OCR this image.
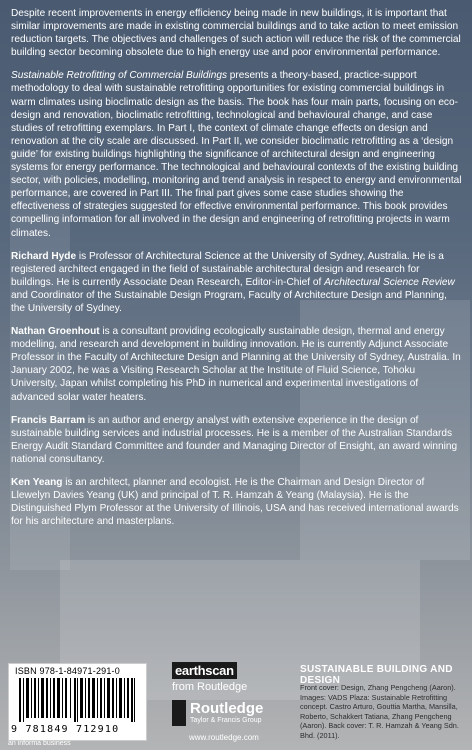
Despite recent improvements in energy efficiency being made in new buildings, it is important that similar improvements are made in existing commercial buildings and to take action to meet emission reduction targets. The objectives and challenges of such action will reduce the risk of the commercial building sector becoming obsolete due to high energy use and poor environmental performance.

Sustainable Retrofitting of Commercial Buildings presents a theory-based, practice-support methodology to deal with sustainable retrofitting opportunities for existing commercial buildings in warm climates using bioclimatic design as the basis. The book has four main parts, focusing on eco-design and renovation, bioclimatic retrofitting, technological and behavioural change, and case studies of retrofitting exemplars. In Part I, the context of climate change effects on design and renovation at the city scale are discussed. In Part II, we consider bioclimatic retrofitting as a ‘design guide’ for existing buildings highlighting the significance of architectural design and engineering systems for energy performance. The technological and behavioural contexts of the existing building sector, with policies, modelling, monitoring and trend analysis in respect to energy and environmental performance, are covered in Part III. The final part gives some case studies showing the effectiveness of strategies suggested for effective environmental performance. This book provides compelling information for all involved in the design and engineering of retrofitting projects in warm climates.

Richard Hyde is Professor of Architectural Science at the University of Sydney, Australia. He is a registered architect engaged in the field of sustainable architectural design and research for buildings. He is currently Associate Dean Research, Editor-in-Chief of Architectural Science Review and Coordinator of the Sustainable Design Program, Faculty of Architecture Design and Planning, the University of Sydney.

Nathan Groenhout is a consultant providing ecologically sustainable design, thermal and energy modelling, and research and development in building innovation. He is currently Adjunct Associate Professor in the Faculty of Architecture Design and Planning at the University of Sydney, Australia. In January 2002, he was a Visiting Research Scholar at the Institute of Fluid Science, Tohoku University, Japan whilst completing his PhD in numerical and experimental investigations of advanced solar water heaters.

Francis Barram is an author and energy analyst with extensive experience in the design of sustainable building services and industrial processes. He is a member of the Australian Standards Energy Audit Standard Committee and founder and Managing Director of Ensight, an award winning national consultancy.

Ken Yeang is an architect, planner and ecologist. He is the Chairman and Design Director of Llewelyn Davies Yeang (UK) and principal of T. R. Hamzah & Yeang (Malaysia). He is the Distinguished Plym Professor at the University of Illinois, USA and has received international awards for his architecture and masterplans.

ISBN 978-1-84971-291-0
9 781849 712910
an informa business
earthscan
from Routledge
Routledge
Taylor & Francis Group
www.routledge.com
SUSTAINABLE BUILDING AND DESIGN
Front cover: Design, Zhang Pengcheng (Aaron). Images: VADS Plaza: Sustainable Retrofitting concept. Castro Arturo, Gouttia Martha, Mansilla, Roberto, Schakkert Tatiana, Zhang Pengcheng (Aaron). Back cover: T. R. Hamzah & Yeang Sdn. Bhd. (2011).
